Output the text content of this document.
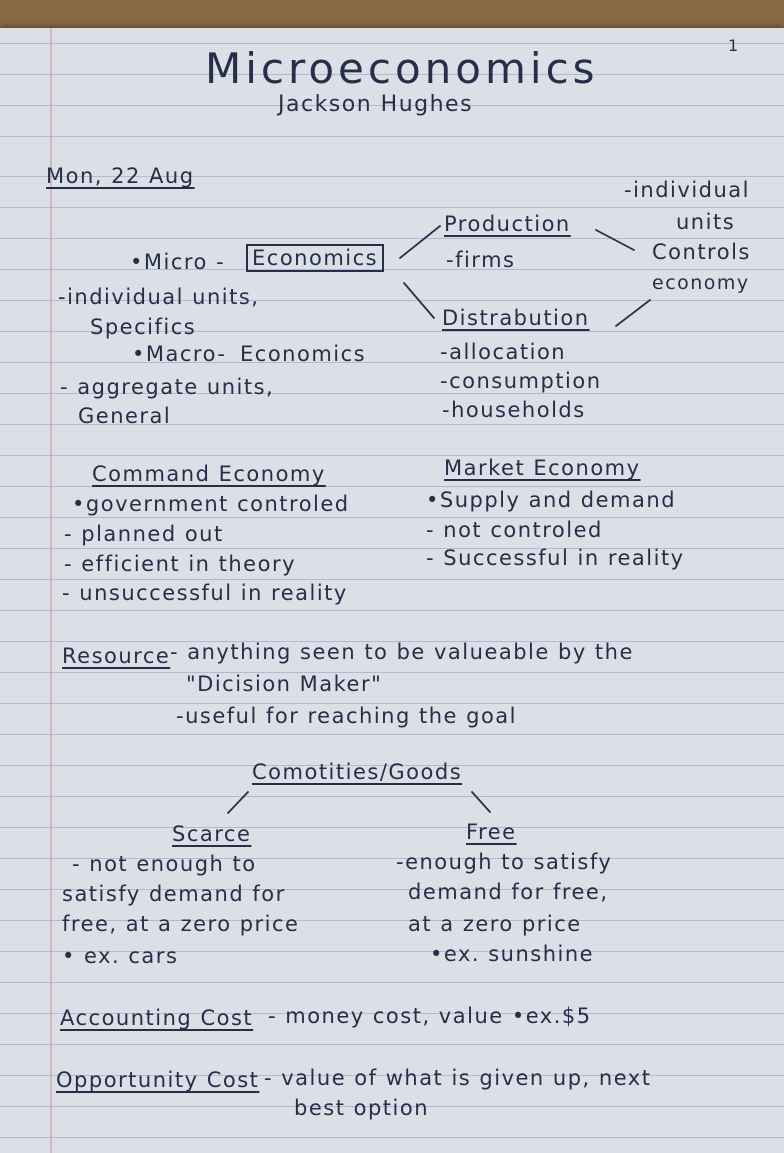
1
Microeconomics
Jackson Hughes
Mon, 22 Aug
•Micro - Economics
-individual units,
Specifics
•Macro- Economics
- aggregate units,
General
Production
-firms
Distrabution
-allocation
-consumption
-households
-individual
units
Controls
economy
Command Economy
•government controled
- planned out
- efficient in theory
- unsuccessful in reality
Market Economy
•Supply and demand
- not controled
- Successful in reality
Resource - anything seen to be valueable by the
"Dicision Maker"
-useful for reaching the goal
Comotities/Goods
Scarce
- not enough to
satisfy demand for
free, at a zero price
• ex. cars
Free
-enough to satisfy
demand for free,
at a zero price
•ex. sunshine
Accounting Cost - money cost, value •ex.$5
Opportunity Cost - value of what is given up, next
best option
